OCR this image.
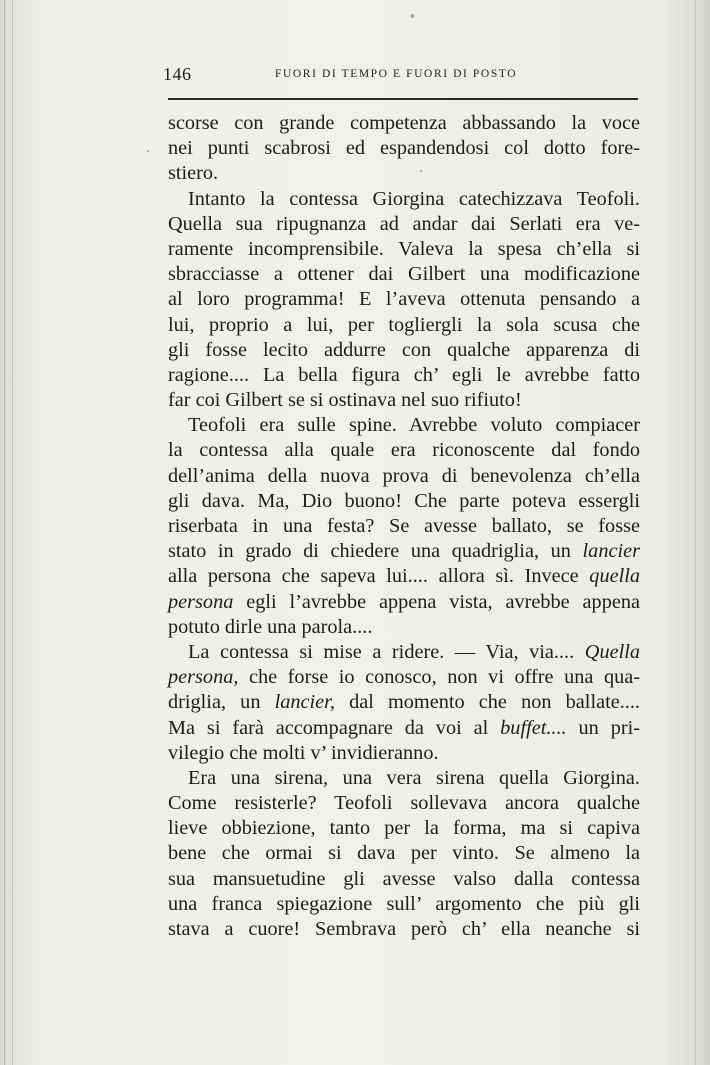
146	FUORI DI TEMPO E FUORI DI POSTO
scorse con grande competenza abbassando la voce
nei punti scabrosi ed espandendosi col dotto fore-
stiero.
Intanto la contessa Giorgina catechizzava Teofoli.
Quella sua ripugnanza ad andar dai Serlati era ve-
ramente incomprensibile. Valeva la spesa ch’ella si
sbracciasse a ottener dai Gilbert una modificazione
al loro programma! E l’aveva ottenuta pensando a
lui, proprio a lui, per togliergli la sola scusa che
gli fosse lecito addurre con qualche apparenza di
ragione.... La bella figura ch’ egli le avrebbe fatto
far coi Gilbert se si ostinava nel suo rifiuto!
Teofoli era sulle spine. Avrebbe voluto compiacer
la contessa alla quale era riconoscente dal fondo
dell’anima della nuova prova di benevolenza ch’ella
gli dava. Ma, Dio buono! Che parte poteva essergli
riserbata in una festa? Se avesse ballato, se fosse
stato in grado di chiedere una quadriglia, un lancier
alla persona che sapeva lui.... allora sì. Invece quella
persona egli l’avrebbe appena vista, avrebbe appena
potuto dirle una parola....
La contessa si mise a ridere. — Via, via.... Quella
persona, che forse io conosco, non vi offre una qua-
driglia, un lancier, dal momento che non ballate....
Ma si farà accompagnare da voi al buffet.... un pri-
vilegio che molti v’ invidieranno.
Era una sirena, una vera sirena quella Giorgina.
Come resisterle? Teofoli sollevava ancora qualche
lieve obbiezione, tanto per la forma, ma si capiva
bene che ormai si dava per vinto. Se almeno la
sua mansuetudine gli avesse valso dalla contessa
una franca spiegazione sull’ argomento che più gli
stava a cuore! Sembrava però ch’ ella neanche si
